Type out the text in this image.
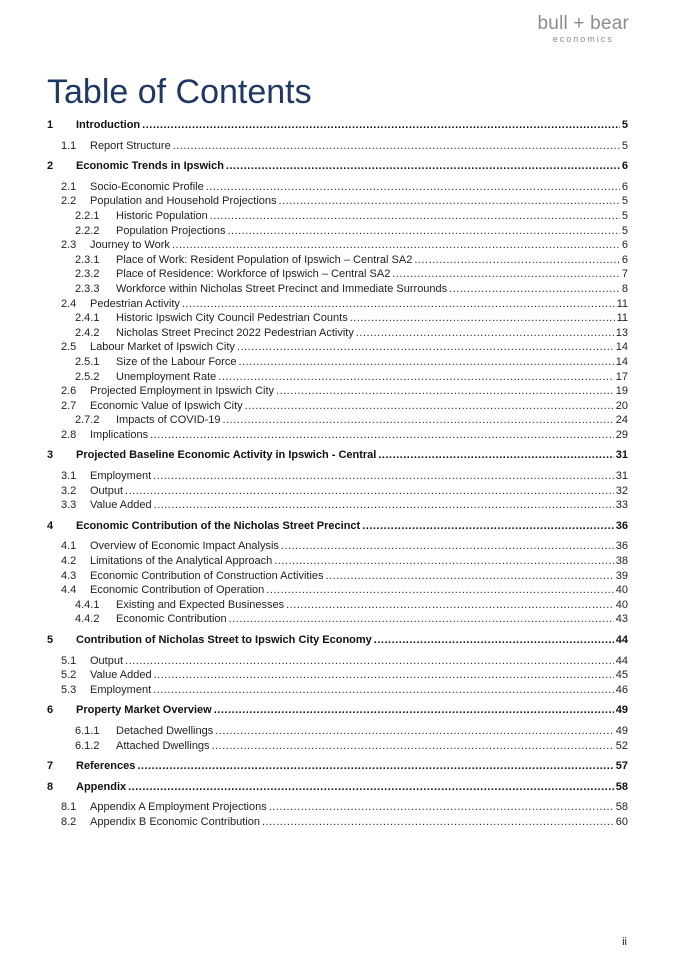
bull + bear
economics
Table of Contents
1	Introduction .....	5
1.1	Report Structure .....	5
2	Economic Trends in Ipswich .....	6
2.1	Socio-Economic Profile .....	6
2.2	Population and Household Projections .....	5
2.2.1	Historic Population .....	5
2.2.2	Population Projections .....	5
2.3	Journey to Work .....	6
2.3.1	Place of Work: Resident Population of Ipswich – Central SA2 .....	6
2.3.2	Place of Residence: Workforce of Ipswich – Central SA2 .....	7
2.3.3	Workforce within Nicholas Street Precinct and Immediate Surrounds .....	8
2.4	Pedestrian Activity .....	11
2.4.1	Historic Ipswich City Council Pedestrian Counts .....	11
2.4.2	Nicholas Street Precinct 2022 Pedestrian Activity .....	13
2.5	Labour Market of Ipswich City .....	14
2.5.1	Size of the Labour Force .....	14
2.5.2	Unemployment Rate .....	17
2.6	Projected Employment in Ipswich City .....	19
2.7	Economic Value of Ipswich City .....	20
2.7.2	Impacts of COVID-19 .....	24
2.8	Implications .....	29
3	Projected Baseline Economic Activity in Ipswich - Central .....	31
3.1	Employment .....	31
3.2	Output .....	32
3.3	Value Added .....	33
4	Economic Contribution of the Nicholas Street Precinct .....	36
4.1	Overview of Economic Impact Analysis .....	36
4.2	Limitations of the Analytical Approach .....	38
4.3	Economic Contribution of Construction Activities .....	39
4.4	Economic Contribution of Operation .....	40
4.4.1	Existing and Expected Businesses .....	40
4.4.2	Economic Contribution .....	43
5	Contribution of Nicholas Street to Ipswich City Economy .....	44
5.1	Output .....	44
5.2	Value Added .....	45
5.3	Employment .....	46
6	Property Market Overview .....	49
6.1.1	Detached Dwellings .....	49
6.1.2	Attached Dwellings .....	52
7	References .....	57
8	Appendix .....	58
8.1	Appendix A Employment Projections .....	58
8.2	Appendix B Economic Contribution .....	60
ii
